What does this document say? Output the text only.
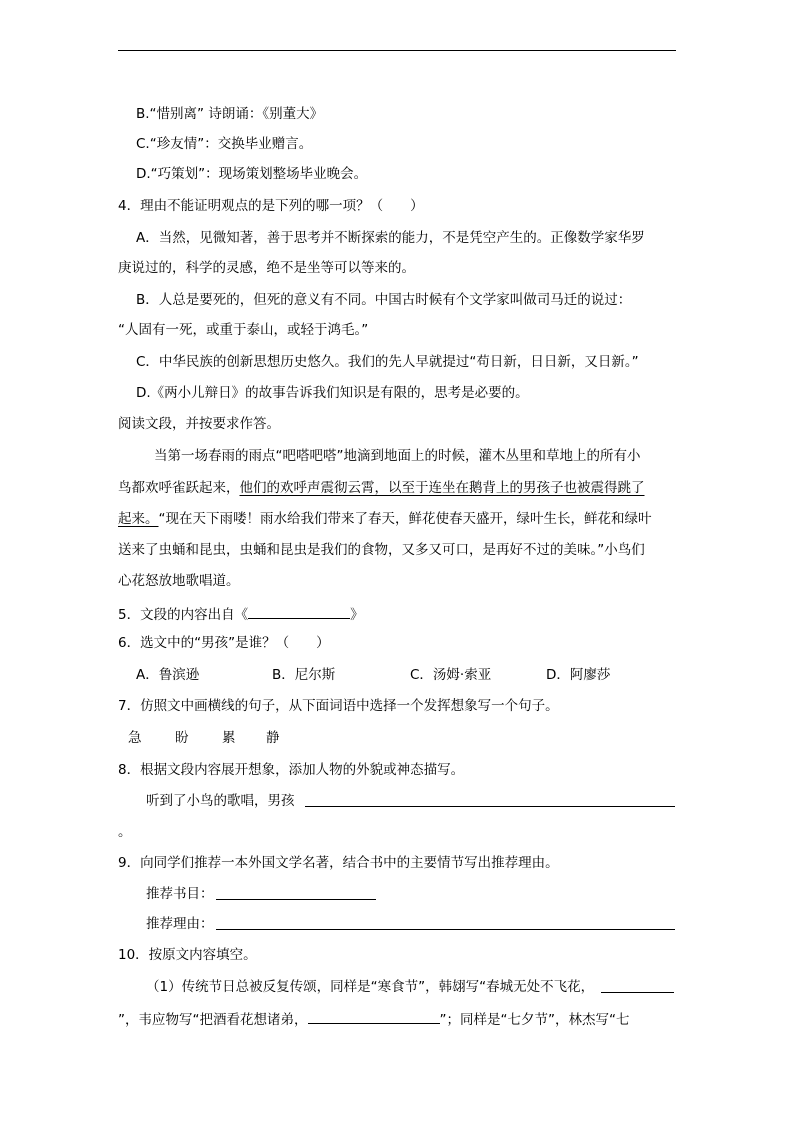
B.“惜别离” 诗朗诵：《别董大》
C.“珍友情”：交换毕业赠言。
D.“巧策划”：现场策划整场毕业晚会。
4．理由不能证明观点的是下列的哪一项？（　　）
A．当然，见微知著，善于思考并不断探索的能力，不是凭空产生的。正像数学家华罗
庚说过的，科学的灵感，绝不是坐等可以等来的。
B．人总是要死的，但死的意义有不同。中国古时候有个文学家叫做司马迁的说过：
“人固有一死，或重于泰山，或轻于鸿毛。”
C．中华民族的创新思想历史悠久。我们的先人早就提过“苟日新，日日新，又日新。”
D.《两小儿辩日》的故事告诉我们知识是有限的，思考是必要的。
阅读文段，并按要求作答。
当第一场春雨的雨点“吧嗒吧嗒”地滴到地面上的时候，灌木丛里和草地上的所有小
鸟都欢呼雀跃起来，他们的欢呼声震彻云霄，以至于连坐在鹅背上的男孩子也被震得跳了
起来。“现在天下雨喽！雨水给我们带来了春天，鲜花使春天盛开，绿叶生长，鲜花和绿叶
送来了虫蛹和昆虫，虫蛹和昆虫是我们的食物，又多又可口，是再好不过的美味。”小鸟们
心花怒放地歌唱道。
5．文段的内容出自《	》
6．选文中的“男孩”是谁？（　　）
A．鲁滨逊	B．尼尔斯	C．汤姆·索亚	D．阿廖莎
7．仿照文中画横线的句子，从下面词语中选择一个发挥想象写一个句子。
急 盼 累 静
8．根据文段内容展开想象，添加人物的外貌或神态描写。
听到了小鸟的歌唱，男孩
。
9．向同学们推荐一本外国文学名著，结合书中的主要情节写出推荐理由。
推荐书目：
推荐理由：
10．按原文内容填空。
（1）传统节日总被反复传颂，同样是“寒食节”，韩翃写“春城无处不飞花，
”，韦应物写“把酒看花想诸弟，	”；同样是“七夕节”，林杰写“七
